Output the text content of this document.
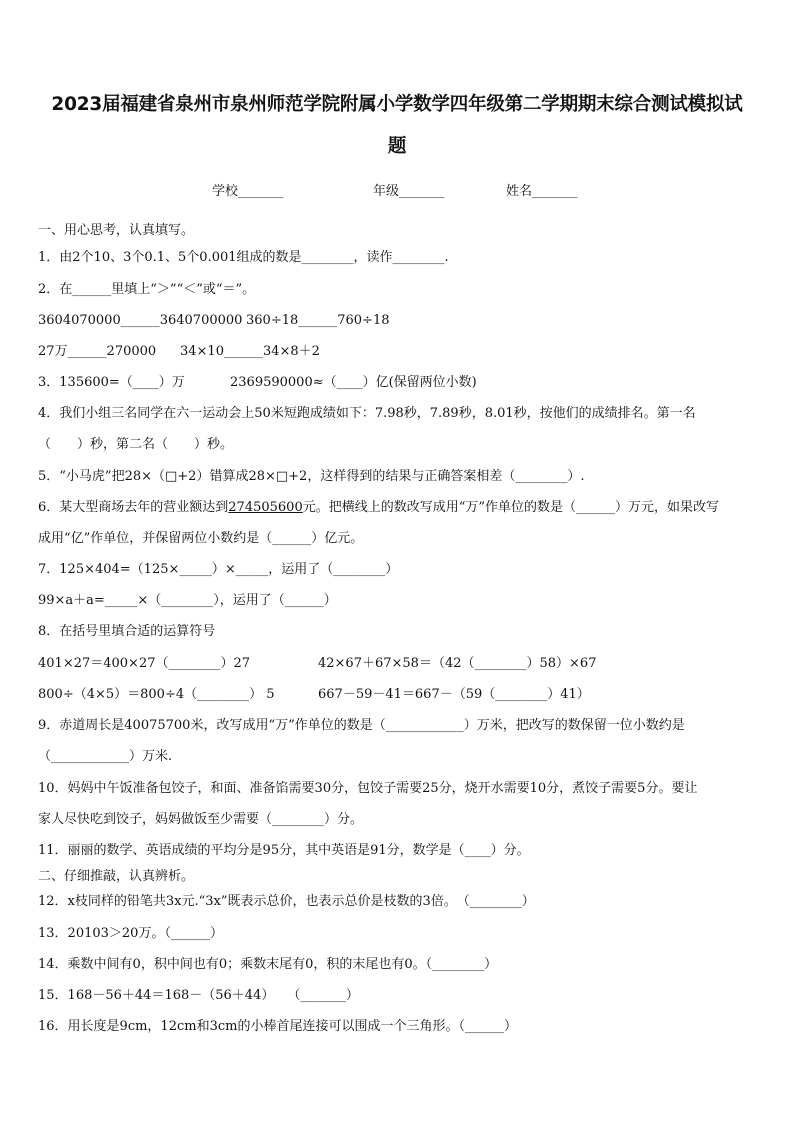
2023届福建省泉州市泉州师范学院附属小学数学四年级第二学期期末综合测试模拟试
题
学校_______	年级_______	姓名_______
一、用心思考，认真填写。
1．由2个10、3个0.1、5个0.001组成的数是________，读作________.
2．在______里填上“＞”“＜”或“＝”。
3604070000______3640700000 360÷18______760÷18
27万______270000	34×10______34×8＋2
3．135600=（____）万	2369590000≈（____）亿(保留两位小数)
4．我们小组三名同学在六一运动会上50米短跑成绩如下：7.98秒，7.89秒，8.01秒，按他们的成绩排名。第一名
（　　）秒，第二名（　　）秒。
5．“小马虎”把28×（□+2）错算成28×□+2，这样得到的结果与正确答案相差（________）.
6．某大型商场去年的营业额达到274505600元。把横线上的数改写成用“万”作单位的数是（______）万元，如果改写
成用“亿”作单位，并保留两位小数约是（______）亿元。
7．125×404=（125×_____）×_____，运用了（________）
99×a＋a=_____×（________），运用了（______）
8．在括号里填合适的运算符号
401×27＝400×27（________）27	42×67＋67×58＝（42（________）58）×67
800÷（4×5）＝800÷4（________） 5	667－59－41＝667－（59（________）41）
9．赤道周长是40075700米，改写成用“万”作单位的数是（____________）万米，把改写的数保留一位小数约是
（____________）万米.
10．妈妈中午饭准备包饺子，和面、准备馅需要30分，包饺子需要25分，烧开水需要10分，煮饺子需要5分。要让
家人尽快吃到饺子，妈妈做饭至少需要（________）分。
11．丽丽的数学、英语成绩的平均分是95分，其中英语是91分，数学是（____）分。
二、仔细推敲，认真辨析。
12．x枝同样的铅笔共3x元.“3x”既表示总价，也表示总价是枝数的3倍。　（________）
13．20103＞20万。（______）
14．乘数中间有0，积中间也有0；乘数末尾有0，积的末尾也有0。（________）
15．168－56＋44＝168－（56＋44）　　（_______）
16．用长度是9cm，12cm和3cm的小棒首尾连接可以围成一个三角形。（______）
